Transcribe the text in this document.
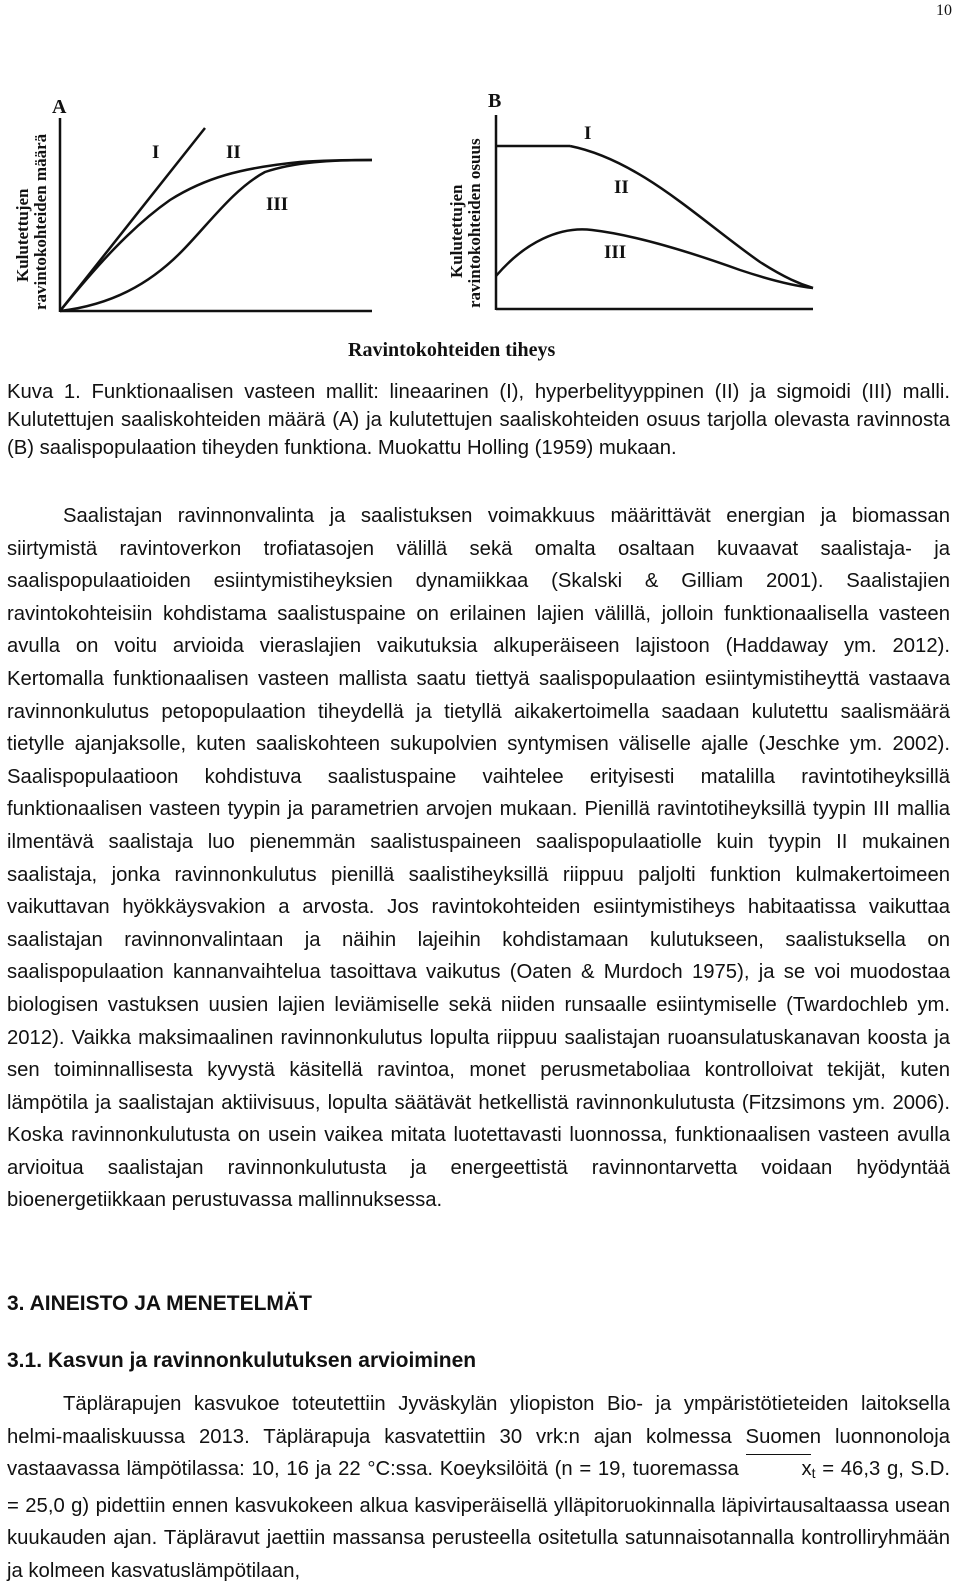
10
A
Kulutettujen ravintokohteiden määrä	I	II
III
B
Kulutettujen ravintokohteiden osuus
I
II
III
Ravintokohteiden tiheys
Kuva 1. Funktionaalisen vasteen mallit: lineaarinen (I), hyperbelityyppinen (II) ja sigmoidi (III) malli. Kulutettujen saaliskohteiden määrä (A) ja kulutettujen saaliskohteiden osuus tarjolla olevasta ravinnosta (B) saalispopulaation tiheyden funktiona. Muokattu Holling (1959) mukaan.

Saalistajan ravinnonvalinta ja saalistuksen voimakkuus määrittävät energian ja biomassan siirtymistä ravintoverkon trofiatasojen välillä sekä omalta osaltaan kuvaavat saalistaja- ja saalispopulaatioiden esiintymistiheyksien dynamiikkaa (Skalski & Gilliam 2001). Saalistajien ravintokohteisiin kohdistama saalistuspaine on erilainen lajien välillä, jolloin funktionaalisella vasteen avulla on voitu arvioida vieraslajien vaikutuksia alkuperäiseen lajistoon (Haddaway ym. 2012). Kertomalla funktionaalisen vasteen mallista saatu tiettyä saalispopulaation esiintymistiheyttä vastaava ravinnonkulutus petopopulaation tiheydellä ja tietyllä aikakertoimella saadaan kulutettu saalismäärä tietylle ajanjaksolle, kuten saaliskohteen sukupolvien syntymisen väliselle ajalle (Jeschke ym. 2002). Saalispopulaatioon kohdistuva saalistuspaine vaihtelee erityisesti matalilla ravintotiheyksillä funktionaalisen vasteen tyypin ja parametrien arvojen mukaan. Pienillä ravintotiheyksillä tyypin III mallia ilmentävä saalistaja luo pienemmän saalistuspaineen saalispopulaatiolle kuin tyypin II mukainen saalistaja, jonka ravinnonkulutus pienillä saalistiheyksillä riippuu paljolti funktion kulmakertoimeen vaikuttavan hyökkäysvakion a arvosta. Jos ravintokohteiden esiintymistiheys habitaatissa vaikuttaa saalistajan ravinnonvalintaan ja näihin lajeihin kohdistamaan kulutukseen, saalistuksella on saalispopulaation kannanvaihtelua tasoittava vaikutus (Oaten & Murdoch 1975), ja se voi muodostaa biologisen vastuksen uusien lajien leviämiselle sekä niiden runsaalle esiintymiselle (Twardochleb ym. 2012). Vaikka maksimaalinen ravinnonkulutus lopulta riippuu saalistajan ruoansulatuskanavan koosta ja sen toiminnallisesta kyvystä käsitellä ravintoa, monet perusmetaboliaa kontrolloivat tekijät, kuten lämpötila ja saalistajan aktiivisuus, lopulta säätävät hetkellistä ravinnonkulutusta (Fitzsimons ym. 2006). Koska ravinnonkulutusta on usein vaikea mitata luotettavasti luonnossa, funktionaalisen vasteen avulla arvioitua saalistajan ravinnonkulutusta ja energeettistä ravinnontarvetta voidaan hyödyntää bioenergetiikkaan perustuvassa mallinnuksessa.

3. AINEISTO JA MENETELMÄT
3.1. Kasvun ja ravinnonkulutuksen arvioiminen

Täplärapujen kasvukoe toteutettiin Jyväskylän yliopiston Bio- ja ympäristötieteiden laitoksella helmi-maaliskuussa 2013. Täplärapuja kasvatettiin 30 vrk:n ajan kolmessa Suomen luonnonoloja vastaavassa lämpötilassa: 10, 16 ja 22 °C:ssa. Koeyksilöitä (n = 19, tuoremassa	$x_t = 46,3$ g, S.D. = 25,0 g) pidettiin ennen kasvukokeen alkua kasviperäisellä ylläpitoruokinnalla läpivirtausaltaassa usean kuukauden ajan. Täpläravut jaettiin massansa perusteella ositetulla satunnaisotannalla kontrolliryhmään ja kolmeen kasvatuslämpötilaan,
